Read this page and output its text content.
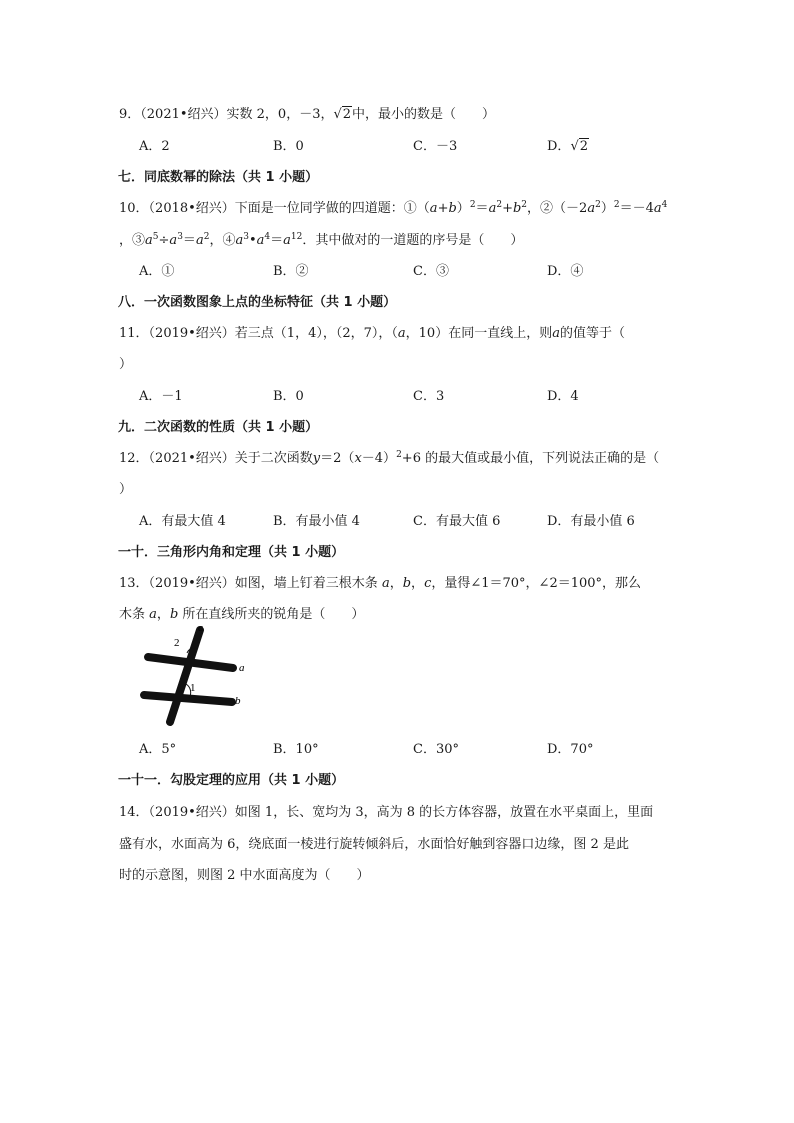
9．（2021•绍兴）实数 2，0，－3，√2中，最小的数是（　　）
A．2	B．0	C．－3	D．√2
七．同底数幂的除法（共 1 小题）
10．（2018•绍兴）下面是一位同学做的四道题：$①(a+b)^2=a^2+b^2$，$②(-2a^2)^2=-4a^4$
，$③a^5\div a^3=a^2$，$④a^3•a^4=a^{12}$．其中做对的一道题的序号是（　　）
A．①	B．②	C．③	D．④
八．一次函数图象上点的坐标特征（共 1 小题）
11．（2019•绍兴）若三点（1，4），（2，7），（a，10）在同一直线上，则a的值等于（
）
A．－1	B．0	C．3	D．4
九．二次函数的性质（共 1 小题）
12．（2021•绍兴）关于二次函数$y=2(x-4)^2+6$ 的最大值或最小值，下列说法正确的是（
）
A．有最大值 4	B．有最小值 4	C．有最大值 6	D．有最小值 6
一十．三角形内角和定理（共 1 小题）
13．（2019•绍兴）如图，墙上钉着三根木条 a，b，c，量得∠1＝70°，∠2＝100°，那么
木条 a，b 所在直线所夹的锐角是（　　）
c
2
a
1
b
A．5°	B．10°	C．30°	D．70°
一十一．勾股定理的应用（共 1 小题）
14．（2019•绍兴）如图 1，长、宽均为 3，高为 8 的长方体容器，放置在水平桌面上，里面
盛有水，水面高为 6，绕底面一棱进行旋转倾斜后，水面恰好触到容器口边缘，图 2 是此
时的示意图，则图 2 中水面高度为（　　）
